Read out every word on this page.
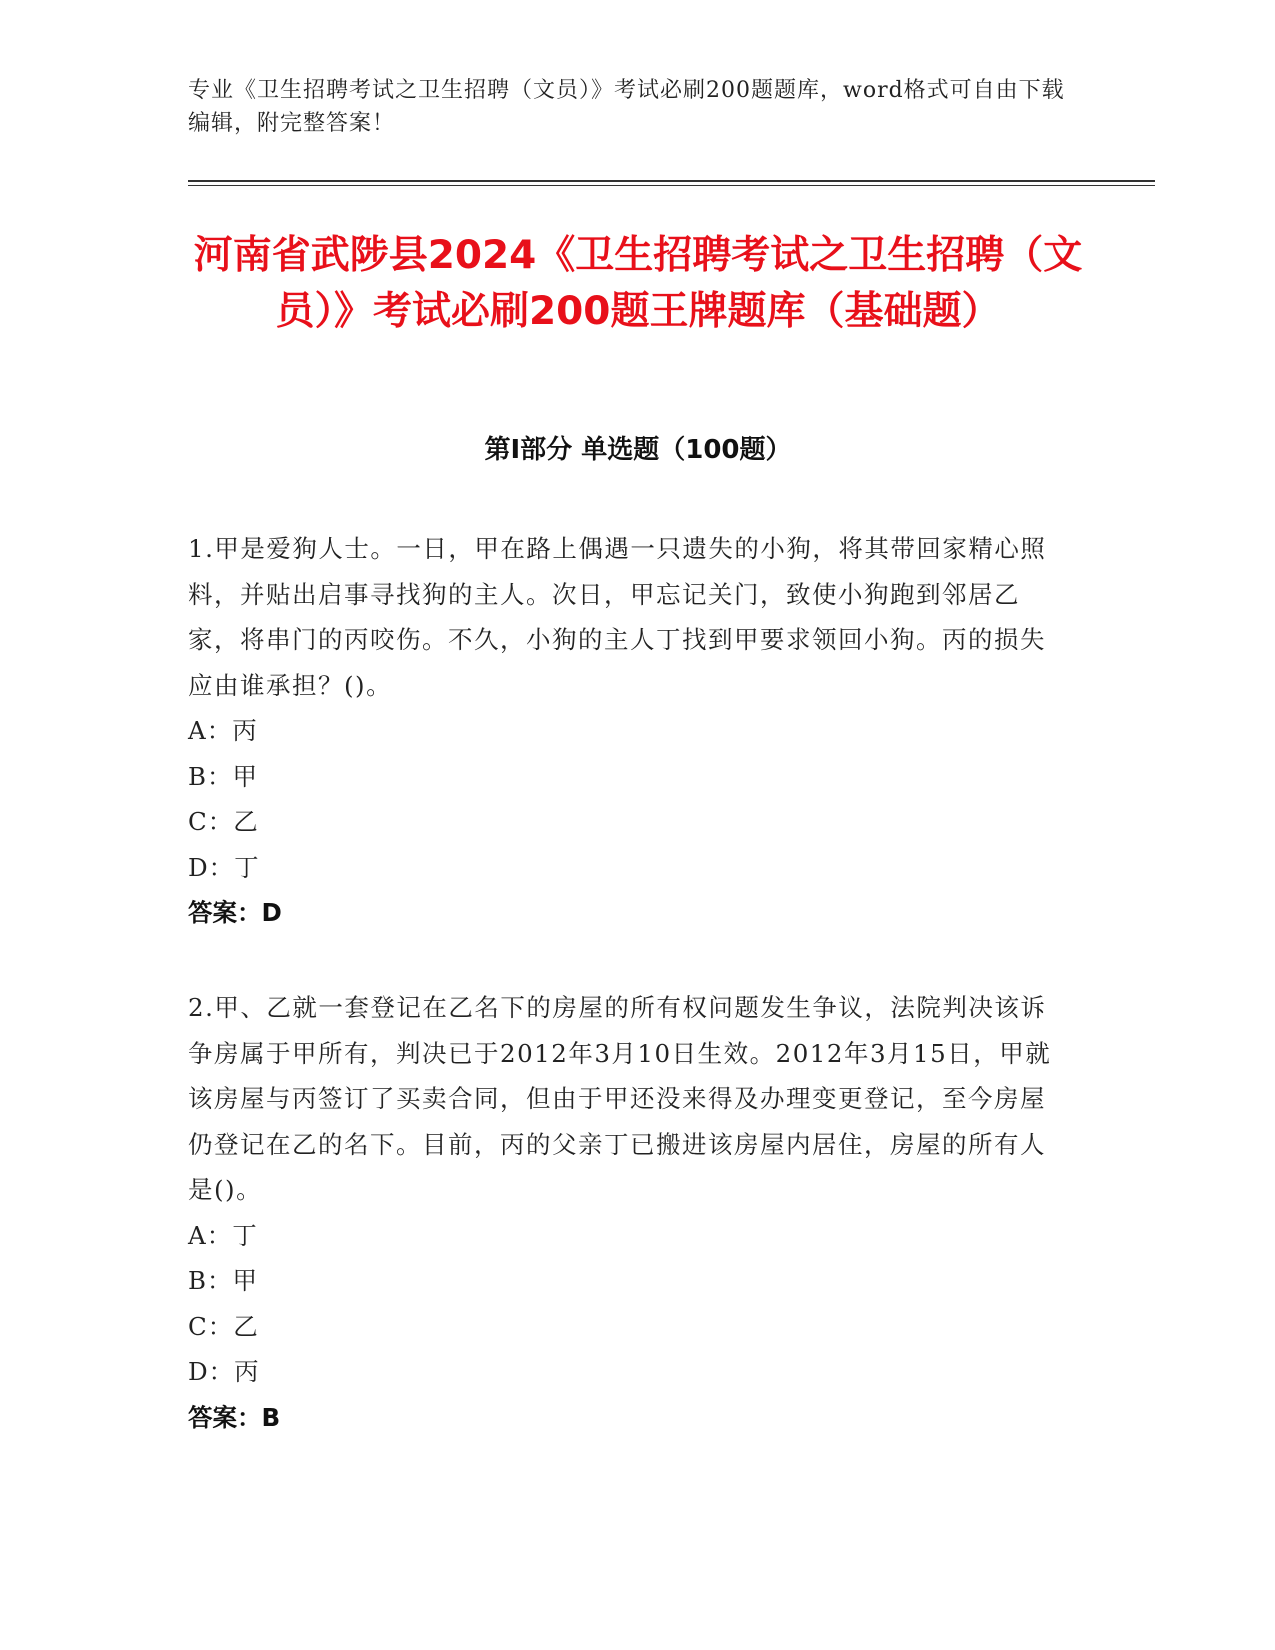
专业《卫生招聘考试之卫生招聘（文员）》考试必刷200题题库，word格式可自由下载编辑，附完整答案！
河南省武陟县2024《卫生招聘考试之卫生招聘（文员）》考试必刷200题王牌题库（基础题）
第Ⅰ部分 单选题（100题）

1.甲是爱狗人士。一日，甲在路上偶遇一只遗失的小狗，将其带回家精心照料，并贴出启事寻找狗的主人。次日，甲忘记关门，致使小狗跑到邻居乙家，将串门的丙咬伤。不久，小狗的主人丁找到甲要求领回小狗。丙的损失应由谁承担？()。

A：丙

B：甲

C：乙

D：丁

答案：D

2.甲、乙就一套登记在乙名下的房屋的所有权问题发生争议，法院判决该诉争房属于甲所有，判决已于2012年3月10日生效。2012年3月15日，甲就该房屋与丙签订了买卖合同，但由于甲还没来得及办理变更登记，至今房屋仍登记在乙的名下。目前，丙的父亲丁已搬进该房屋内居住，房屋的所有人是()。

A：丁

B：甲

C：乙

D：丙

答案：B
